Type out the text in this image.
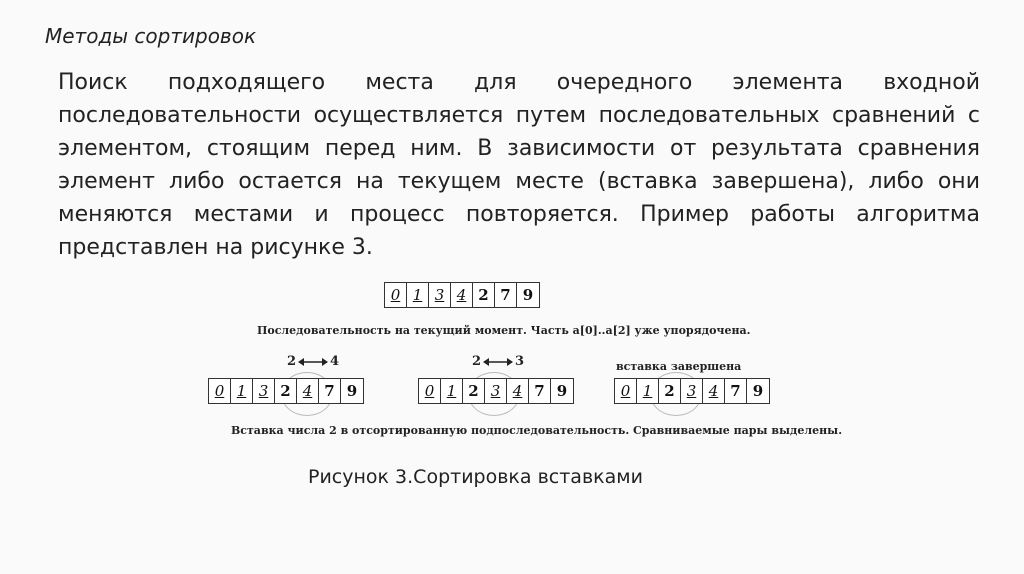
Методы сортировок
Поиск подходящего места для очередного элемента входной последовательности осуществляется путем последовательных сравнений с элементом, стоящим перед ним. В зависимости от результата сравнения элемент либо остается на текущем месте (вставка завершена), либо они меняются местами и процесс повторяется. Пример работы алгоритма представлен на рисунке 3.
0 1 3 4 2 7 9
Последовательность на текущий момент. Часть a[0]..a[2] уже упорядочена.
2	4
0 1 3 2 4 7 9
2	3
0 1 2 3 4 7 9
вставка завершена
0 1 2 3 4 7 9
Вставка числа 2 в отсортированную подпоследовательность. Сравниваемые пары выделены.
Рисунок 3.Сортировка вставками
